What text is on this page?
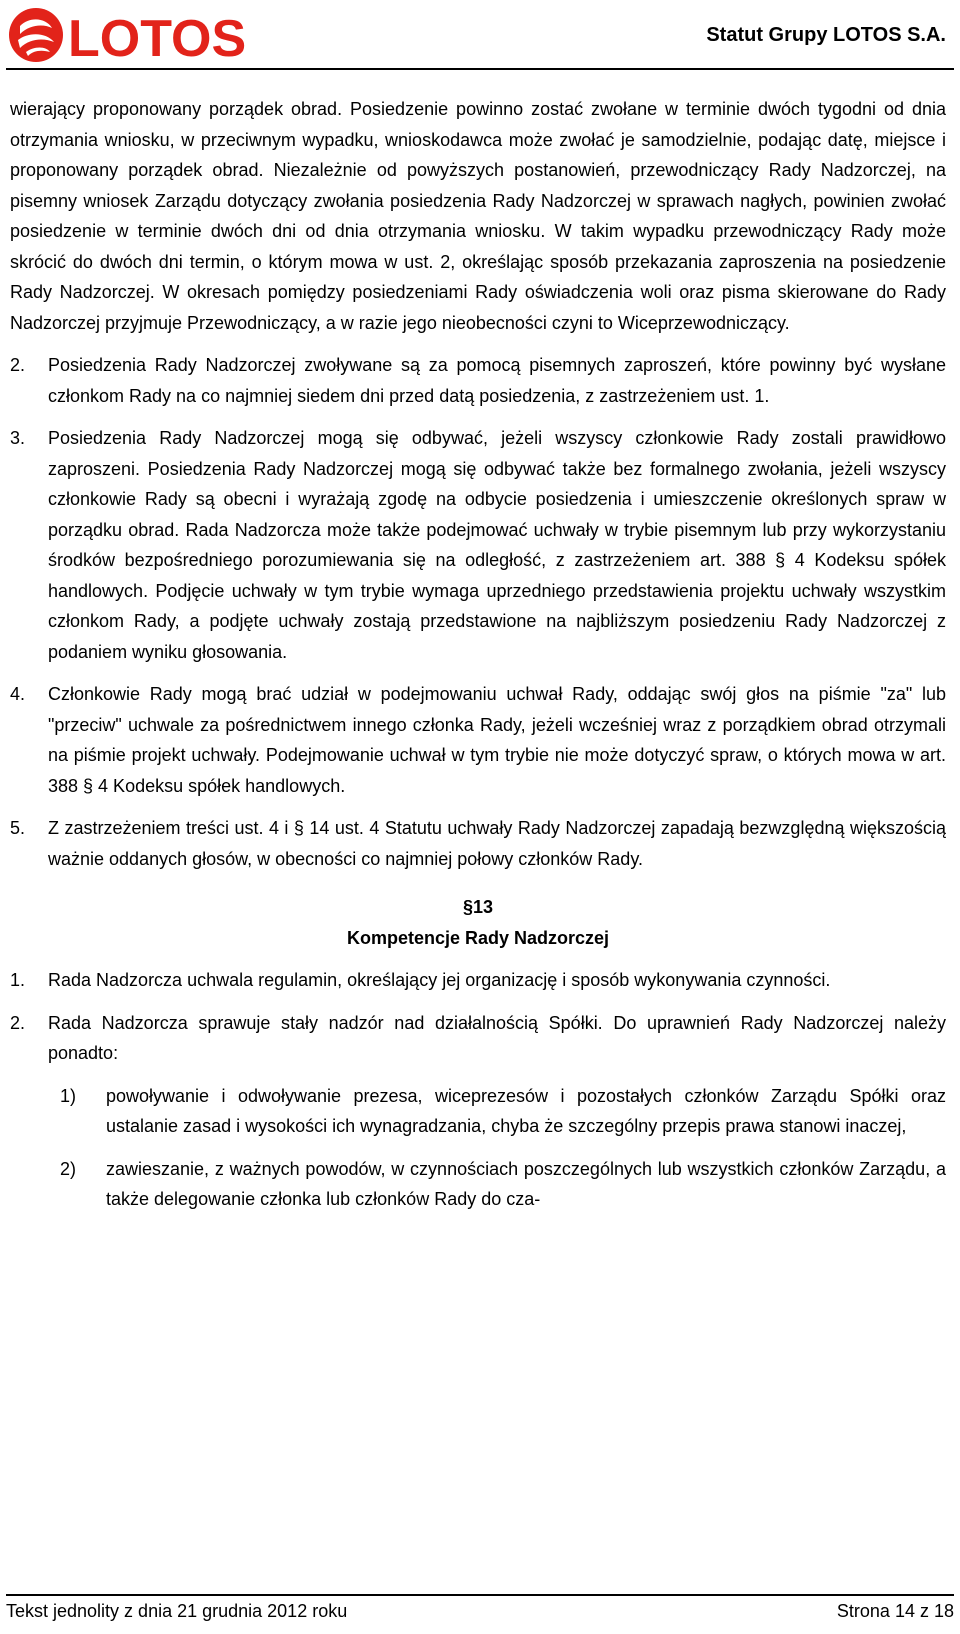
LOTOS	Statut Grupy LOTOS S.A.

wierający proponowany porządek obrad. Posiedzenie powinno zostać zwołane w terminie dwóch tygodni od dnia otrzymania wniosku, w przeciwnym wypadku, wnioskodawca może zwołać je samodzielnie, podając datę, miejsce i proponowany porządek obrad. Niezależnie od powyższych postanowień, przewodniczący Rady Nadzorczej, na pisemny wniosek Zarządu dotyczący zwołania posiedzenia Rady Nadzorczej w sprawach nagłych, powinien zwołać posiedzenie w terminie dwóch dni od dnia otrzymania wniosku. W takim wypadku przewodniczący Rady może skrócić do dwóch dni termin, o którym mowa w ust. 2, określając sposób przekazania zaproszenia na posiedzenie Rady Nadzorczej. W okresach pomiędzy posiedzeniami Rady oświadczenia woli oraz pisma skierowane do Rady Nadzorczej przyjmuje Przewodniczący, a w razie jego nieobecności czyni to Wiceprzewodniczący.

2.	Posiedzenia Rady Nadzorczej zwoływane są za pomocą pisemnych zaproszeń, które powinny być wysłane członkom Rady na co najmniej siedem dni przed datą posiedzenia, z zastrzeżeniem ust. 1.
3.	Posiedzenia Rady Nadzorczej mogą się odbywać, jeżeli wszyscy członkowie Rady zostali prawidłowo zaproszeni. Posiedzenia Rady Nadzorczej mogą się odbywać także bez formalnego zwołania, jeżeli wszyscy członkowie Rady są obecni i wyrażają zgodę na odbycie posiedzenia i umieszczenie określonych spraw w porządku obrad. Rada Nadzorcza może także podejmować uchwały w trybie pisemnym lub przy wykorzystaniu środków bezpośredniego porozumiewania się na odległość, z zastrzeżeniem art. 388 § 4 Kodeksu spółek handlowych. Podjęcie uchwały w tym trybie wymaga uprzedniego przedstawienia projektu uchwały wszystkim członkom Rady, a podjęte uchwały zostają przedstawione na najbliższym posiedzeniu Rady Nadzorczej z podaniem wyniku głosowania.
4.	Członkowie Rady mogą brać udział w podejmowaniu uchwał Rady, oddając swój głos na piśmie "za" lub "przeciw" uchwale za pośrednictwem innego członka Rady, jeżeli wcześniej wraz z porządkiem obrad otrzymali na piśmie projekt uchwały. Podejmowanie uchwał w tym trybie nie może dotyczyć spraw, o których mowa w art. 388 § 4 Kodeksu spółek handlowych.
5.	Z zastrzeżeniem treści ust. 4 i § 14 ust. 4 Statutu uchwały Rady Nadzorczej zapadają bezwzględną większością ważnie oddanych głosów, w obecności co najmniej połowy członków Rady.
§13
Kompetencje Rady Nadzorczej
1.	Rada Nadzorcza uchwala regulamin, określający jej organizację i sposób wykonywania czynności.
2.	Rada Nadzorcza sprawuje stały nadzór nad działalnością Spółki. Do uprawnień Rady Nadzorczej należy ponadto:
1)	powoływanie i odwoływanie prezesa, wiceprezesów i pozostałych członków Zarządu Spółki oraz ustalanie zasad i wysokości ich wynagradzania, chyba że szczególny przepis prawa stanowi inaczej,
2)	zawieszanie, z ważnych powodów, w czynnościach poszczególnych lub wszystkich członków Zarządu, a także delegowanie członka lub członków Rady do cza-
Tekst jednolity z dnia 21 grudnia 2012 roku	Strona 14 z 18
